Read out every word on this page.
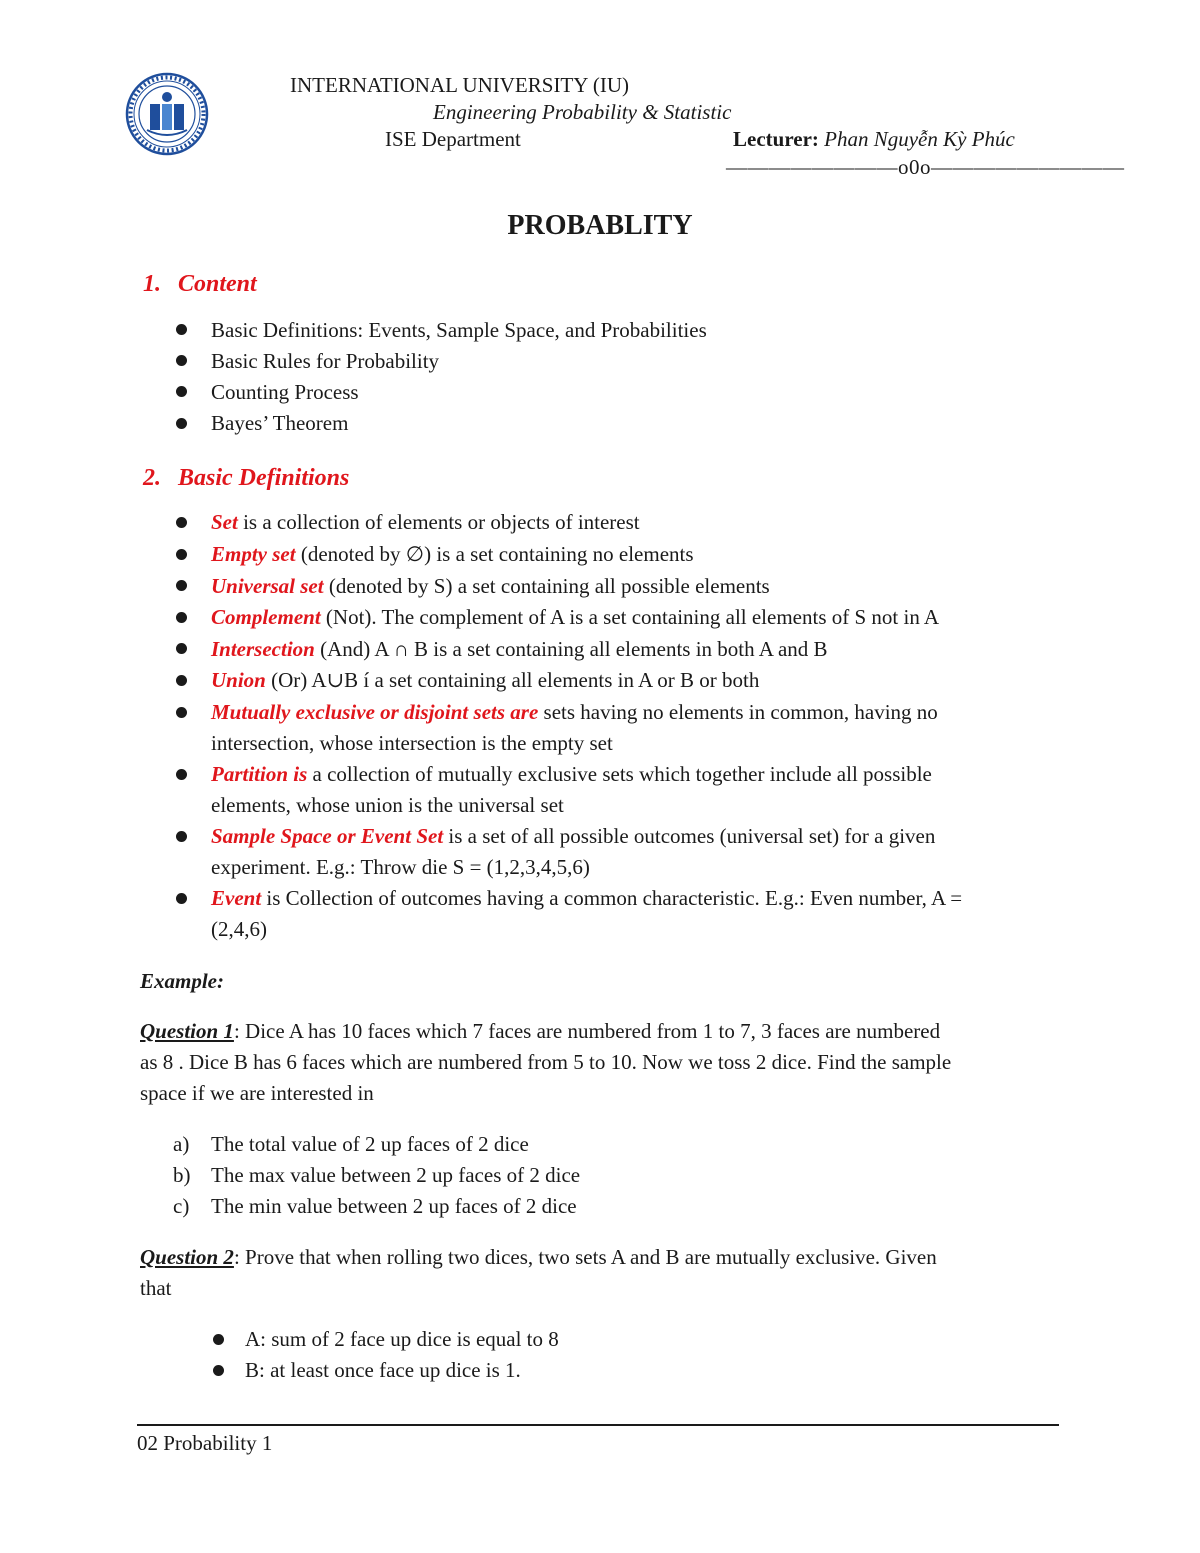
INTERNATIONAL UNIVERSITY (IU)
Engineering Probability & Statistic
ISE Department	Lecturer: Phan Nguyễn Kỳ Phúc
————————o0o—————————
PROBABLITY
1. Content
Basic Definitions: Events, Sample Space, and Probabilities
Basic Rules for Probability
Counting Process
Bayes’ Theorem
2. Basic Definitions
Set is a collection of elements or objects of interest
Empty set (denoted by ∅) is a set containing no elements
Universal set (denoted by S) a set containing all possible elements
Complement (Not). The complement of A is a set containing all elements of S not in A
Intersection (And) A ∩ B is a set containing all elements in both A and B
Union (Or) A∪B í a set containing all elements in A or B or both
Mutually exclusive or disjoint sets are sets having no elements in common, having no
intersection, whose intersection is the empty set
Partition is a collection of mutually exclusive sets which together include all possible
elements, whose union is the universal set
Sample Space or Event Set is a set of all possible outcomes (universal set) for a given
experiment. E.g.: Throw die S = (1,2,3,4,5,6)
Event is Collection of outcomes having a common characteristic. E.g.: Even number, A =
(2,4,6)
Example:
Question 1: Dice A has 10 faces which 7 faces are numbered from 1 to 7, 3 faces are numbered
as 8 . Dice B has 6 faces which are numbered from 5 to 10. Now we toss 2 dice. Find the sample
space if we are interested in
a) The total value of 2 up faces of 2 dice
b) The max value between 2 up faces of 2 dice
c) The min value between 2 up faces of 2 dice
Question 2: Prove that when rolling two dices, two sets A and B are mutually exclusive. Given
that
A: sum of 2 face up dice is equal to 8
B: at least once face up dice is 1.
02 Probability 1
